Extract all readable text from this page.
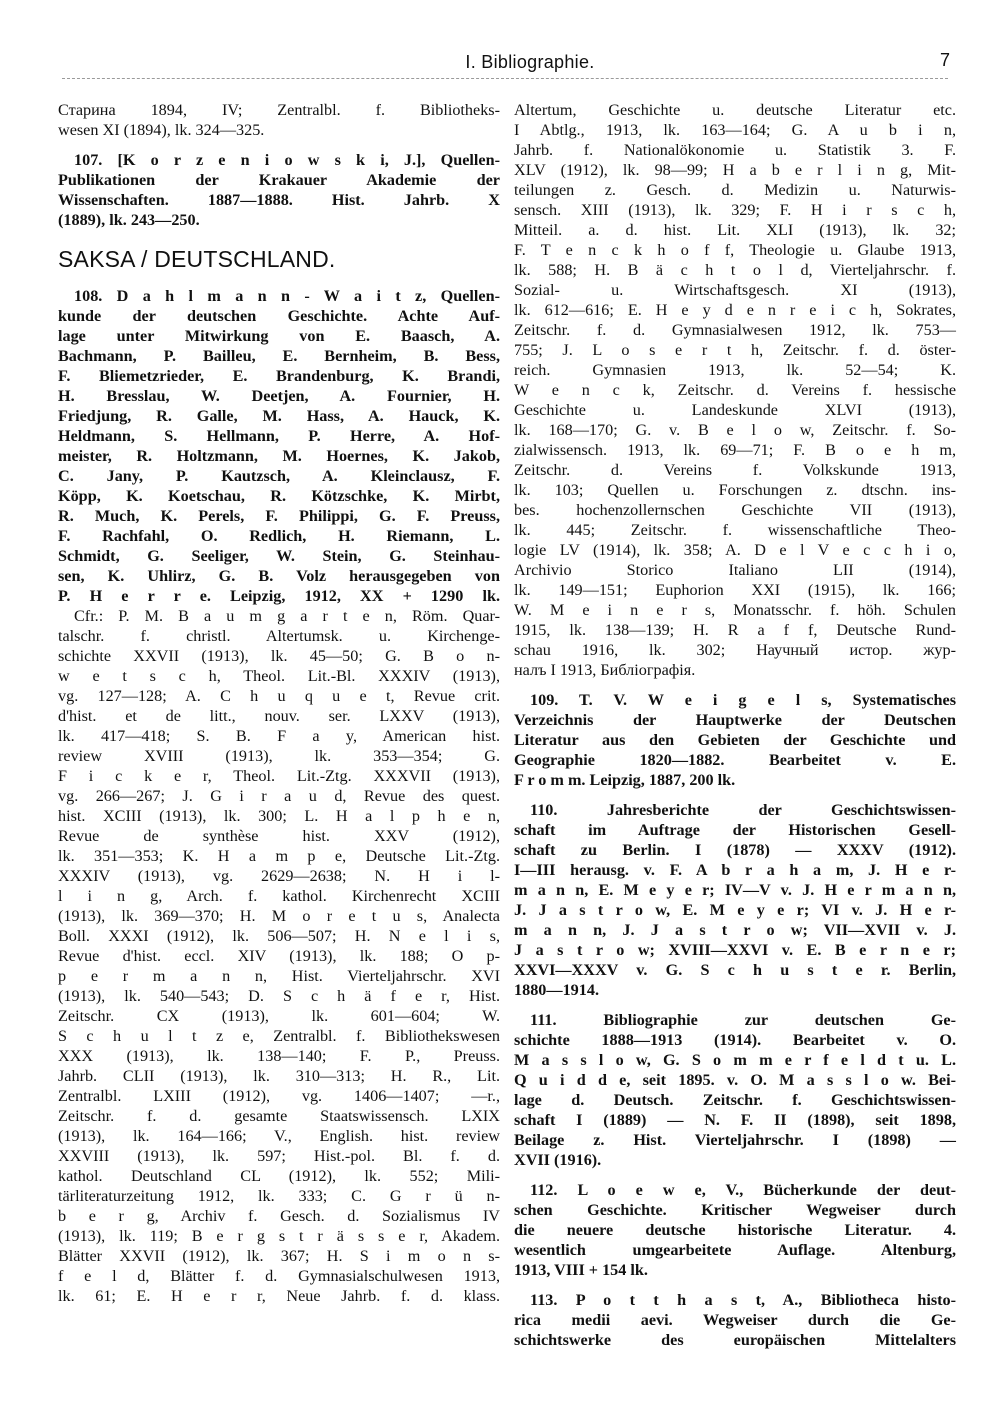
I. Bibliographie.	7
Старина 1894, IV; Zentralbl. f. Bibliotheks-
wesen XI (1894), lk. 324—325.
107. [K o r z e n i o w s k i, J.], Quellen-
Publikationen der Krakauer Akademie der
Wissenschaften. 1887—1888. Hist. Jahrb. X
(1889), lk. 243—250.
SAKSA / DEUTSCHLAND.
108. D a h l m a n n - W a i t z, Quellen-
kunde der deutschen Geschichte. Achte Auf-
lage unter Mitwirkung von E. Baasch, A.
Bachmann, P. Bailleu, E. Bernheim, B. Bess,
F. Bliemetzrieder, E. Brandenburg, K. Brandi,
H. Bresslau, W. Deetjen, A. Fournier, H.
Friedjung, R. Galle, M. Hass, A. Hauck, K.
Heldmann, S. Hellmann, P. Herre, A. Hof-
meister, R. Holtzmann, M. Hoernes, K. Jakob,
C. Jany, P. Kautzsch, A. Kleinclausz, F.
Köpp, K. Koetschau, R. Kötzschke, K. Mirbt,
R. Much, K. Perels, F. Philippi, G. F. Preuss,
F. Rachfahl, O. Redlich, H. Riemann, L.
Schmidt, G. Seeliger, W. Stein, G. Steinhau-
sen, K. Uhlirz, G. B. Volz herausgegeben von
P. H e r r e. Leipzig, 1912, XX + 1290 lk.
Cfr.: P. M. B a u m g a r t e n, Röm. Quar-
talschr. f. christl. Altertumsk. u. Kirchenge-
schichte XXVII (1913), lk. 45—50; G. B o n-
w e t s c h, Theol. Lit.-Bl. XXXIV (1913),
vg. 127—128; A. C h u q u e t, Revue crit.
d'hist. et de litt., nouv. ser. LXXV (1913),
lk. 417—418; S. B. F a y, American hist.
review XVIII (1913), lk. 353—354; G.
F i c k e r, Theol. Lit.-Ztg. XXXVII (1913),
vg. 266—267; J. G i r a u d, Revue des quest.
hist. XCIII (1913), lk. 300; L. H a l p h e n,
Revue de synthèse hist. XXV (1912),
lk. 351—353; K. H a m p e, Deutsche Lit.-Ztg.
XXXIV (1913), vg. 2629—2638; N. H i l-
l i n g, Arch. f. kathol. Kirchenrecht XCIII
(1913), lk. 369—370; H. M o r e t u s, Analecta
Boll. XXXI (1912), lk. 506—507; H. N e l i s,
Revue d'hist. eccl. XIV (1913), lk. 188; O p-
p e r m a n n, Hist. Vierteljahrschr. XVI
(1913), lk. 540—543; D. S c h ä f e r, Hist.
Zeitschr. CX (1913), lk. 601—604; W.
S c h u l t z e, Zentralbl. f. Bibliothekswesen
XXX (1913), lk. 138—140; F. P., Preuss.
Jahrb. CLII (1913), lk. 310—313; H. R., Lit.
Zentralbl. LXIII (1912), vg. 1406—1407; —r.,
Zeitschr. f. d. gesamte Staatswissensch. LXIX
(1913), lk. 164—166; V., English. hist. review
XXVIII (1913), lk. 597; Hist.-pol. Bl. f. d.
kathol. Deutschland CL (1912), lk. 552; Mili-
tärliteraturzeitung 1912, lk. 333; C. G r ü n-
b e r g, Archiv f. Gesch. d. Sozialismus IV
(1913), lk. 119; B e r g s t r ä s s e r, Akadem.
Blätter XXVII (1912), lk. 367; H. S i m o n s-
f e l d, Blätter f. d. Gymnasialschulwesen 1913,
lk. 61; E. H e r r, Neue Jahrb. f. d. klass.
Altertum, Geschichte u. deutsche Literatur etc.
I Abtlg., 1913, lk. 163—164; G. A u b i n,
Jahrb. f. Nationalökonomie u. Statistik 3. F.
XLV (1912), lk. 98—99; H a b e r l i n g, Mit-
teilungen z. Gesch. d. Medizin u. Naturwis-
sensch. XIII (1913), lk. 329; F. H i r s c h,
Mitteil. a. d. hist. Lit. XLI (1913), lk. 32;
F. T e n c k h o f f, Theologie u. Glaube 1913,
lk. 588; H. B ä c h t o l d, Vierteljahrschr. f.
Sozial- u. Wirtschaftsgesch. XI (1913),
lk. 612—616; E. H e y d e n r e i c h, Sokrates,
Zeitschr. f. d. Gymnasialwesen 1912, lk. 753—
755; J. L o s e r t h, Zeitschr. f. d. öster-
reich. Gymnasien 1913, lk. 52—54; K.
W e n c k, Zeitschr. d. Vereins f. hessische
Geschichte u. Landeskunde XLVI (1913),
lk. 168—170; G. v. B e l o w, Zeitschr. f. So-
zialwissensch. 1913, lk. 69—71; F. B o e h m,
Zeitschr. d. Vereins f. Volkskunde 1913,
lk. 103; Quellen u. Forschungen z. dtschn. ins-
bes. hochenzollernschen Geschichte VII (1913),
lk. 445; Zeitschr. f. wissenschaftliche Theo-
logie LV (1914), lk. 358; A. D e l V e c c h i o,
Archivio Storico Italiano LII (1914),
lk. 149—151; Euphorion XXI (1915), lk. 166;
W. M e i n e r s, Monatsschr. f. höh. Schulen
1915, lk. 138—139; H. R a f f, Deutsche Rund-
schau 1916, lk. 302; Научный истор. жур-
налъ I 1913, Библіографія.
109. T. V. W e i g e l s, Systematisches
Verzeichnis der Hauptwerke der Deutschen
Literatur aus den Gebieten der Geschichte und
Geographie 1820—1882. Bearbeitet v. E.
F r o m m. Leipzig, 1887, 200 lk.
110. Jahresberichte der Geschichtswissen-
schaft im Auftrage der Historischen Gesell-
schaft zu Berlin. I (1878) — XXXV (1912).
I—III herausg. v. F. A b r a h a m, J. H e r-
m a n n, E. M e y e r; IV—V v. J. H e r m a n n,
J. J a s t r o w, E. M e y e r; VI v. J. H e r-
m a n n, J. J a s t r o w; VII—XVII v. J.
J a s t r o w; XVIII—XXVI v. E. B e r n e r;
XXVI—XXXV v. G. S c h u s t e r. Berlin,
1880—1914.
111. Bibliographie zur deutschen Ge-
schichte 1888—1913 (1914). Bearbeitet v. O.
M a s s l o w, G. S o m m e r f e l d t u. L.
Q u i d d e, seit 1895. v. O. M a s s l o w. Bei-
lage d. Deutsch. Zeitschr. f. Geschichtswissen-
schaft I (1889) — N. F. II (1898), seit 1898,
Beilage z. Hist. Vierteljahrschr. I (1898) —
XVII (1916).
112. L o e w e, V., Bücherkunde der deut-
schen Geschichte. Kritischer Wegweiser durch
die neuere deutsche historische Literatur. 4.
wesentlich umgearbeitete Auflage. Altenburg,
1913, VIII + 154 lk.
113. P o t t h a s t, A., Bibliotheca histo-
rica medii aevi. Wegweiser durch die Ge-
schichtswerke des europäischen Mittelalters
